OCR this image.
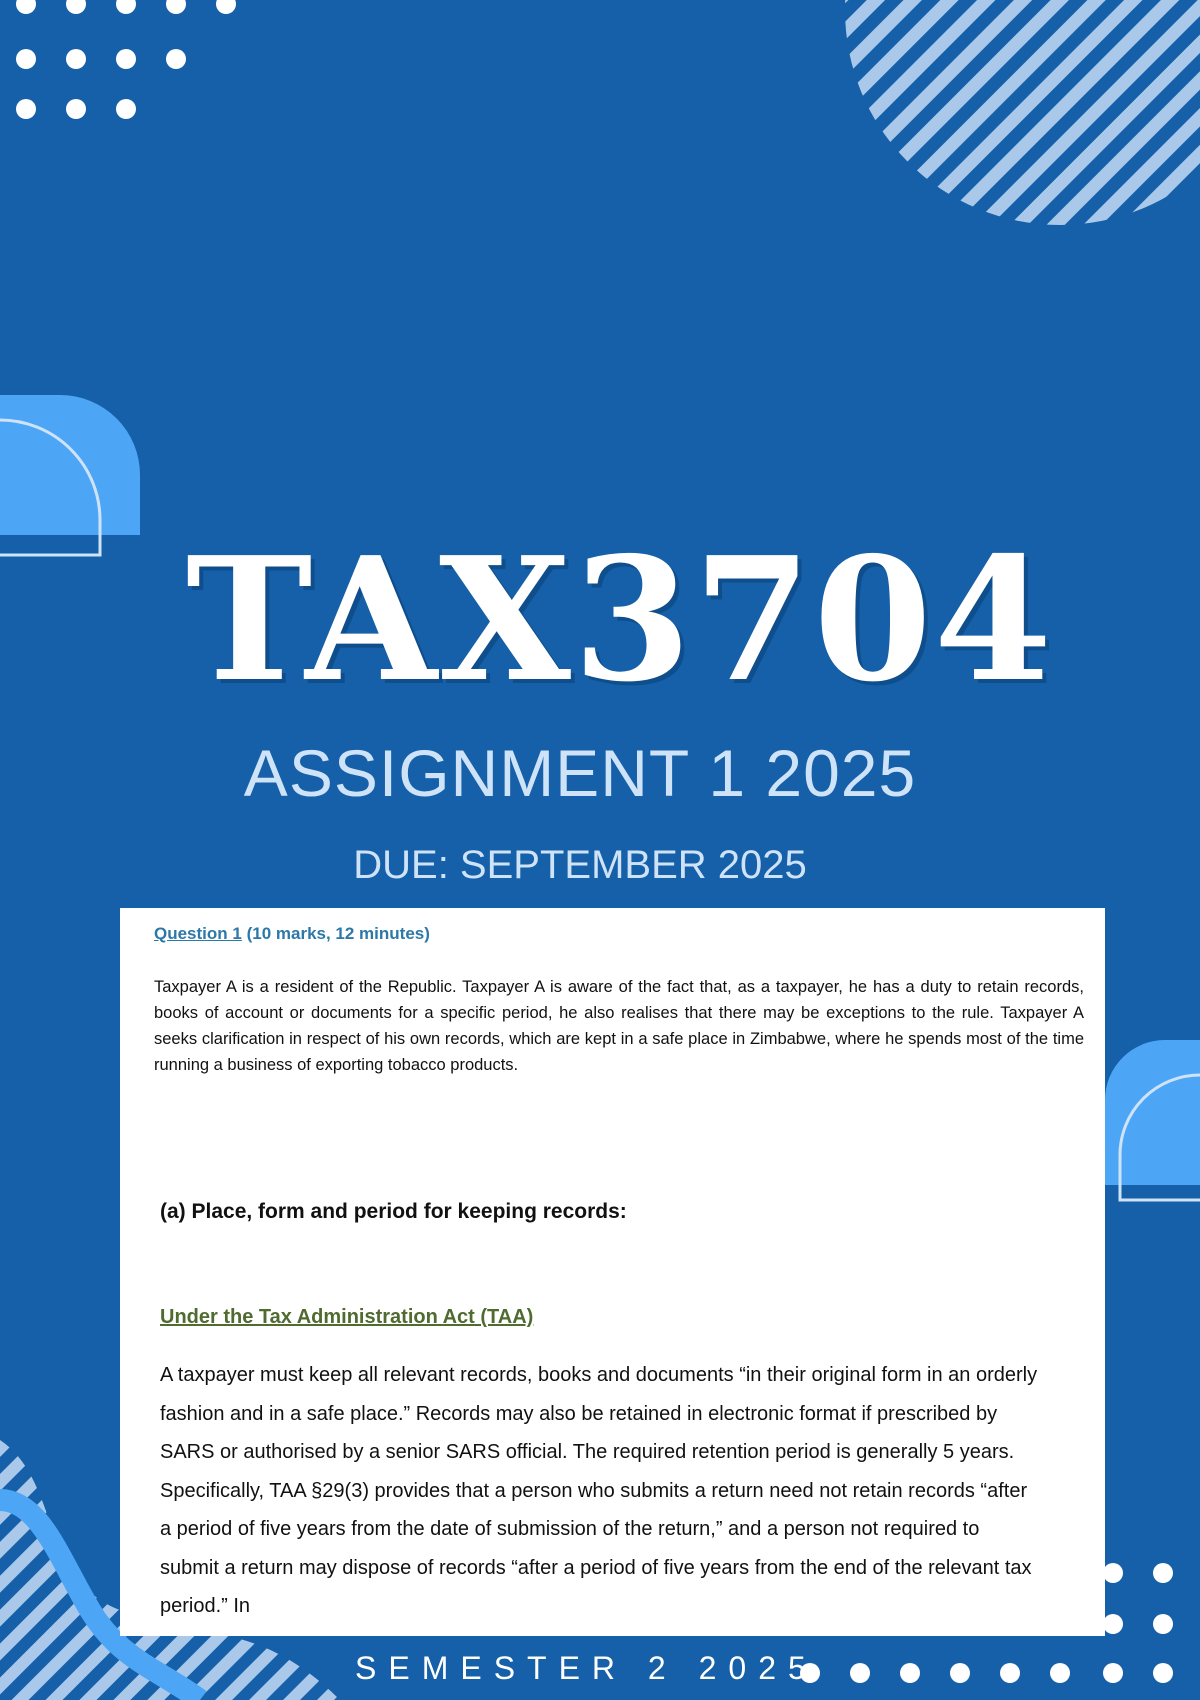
TAX3704
ASSIGNMENT 1 2025
DUE: SEPTEMBER 2025
Question 1 (10 marks, 12 minutes)
Taxpayer A is a resident of the Republic. Taxpayer A is aware of the fact that, as a taxpayer, he has a duty to retain records, books of account or documents for a specific period, he also realises that there may be exceptions to the rule. Taxpayer A seeks clarification in respect of his own records, which are kept in a safe place in Zimbabwe, where he spends most of the time running a business of exporting tobacco products.
(a) Place, form and period for keeping records:
Under the Tax Administration Act (TAA)
A taxpayer must keep all relevant records, books and documents “in their original form in an orderly fashion and in a safe place.” Records may also be retained in electronic format if prescribed by SARS or authorised by a senior SARS official. The required retention period is generally 5 years. Specifically, TAA §29(3) provides that a person who submits a return need not retain records “after a period of five years from the date of submission of the return,” and a person not required to submit a return may dispose of records “after a period of five years from the end of the relevant tax period.” In
SEMESTER 2 2025
